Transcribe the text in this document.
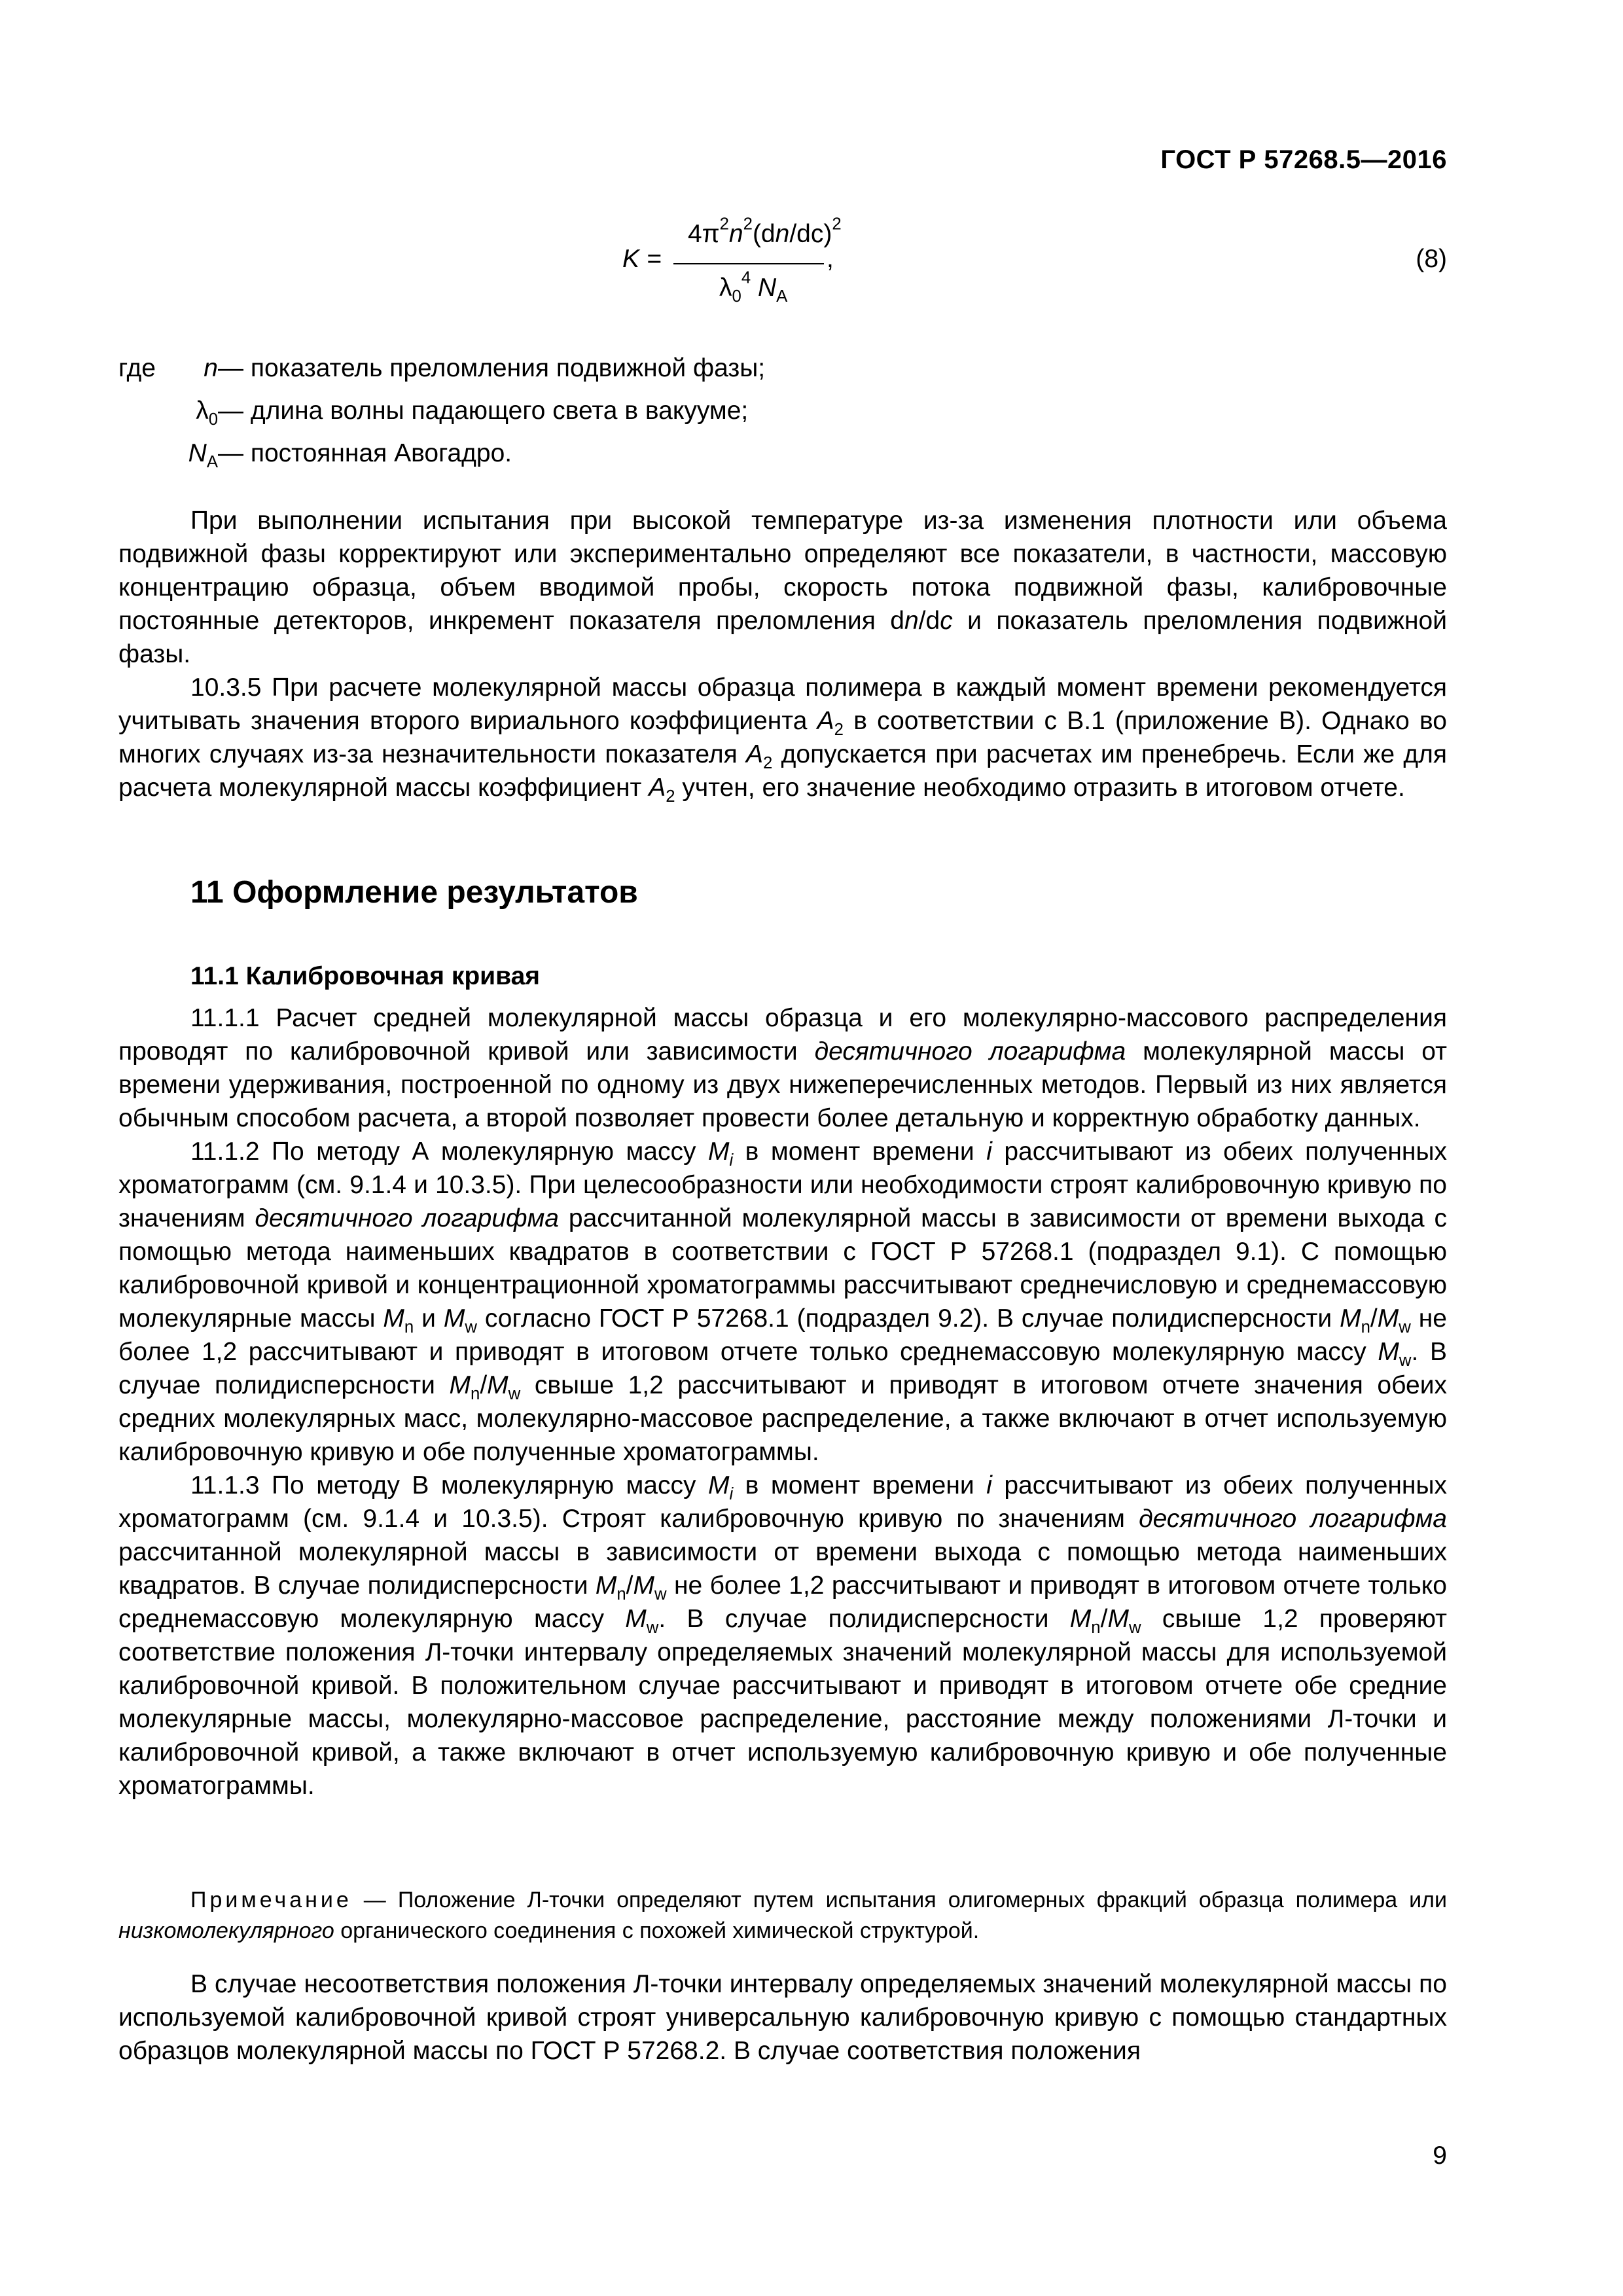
ГОСТ Р 57268.5—2016
K =
$4\pi^2n^2(dn/dc)^2$
$\lambda_0^4$ $N_A$
,	(8)
где n — показатель преломления подвижной фазы;
$\lambda_0$ — длина волны падающего света в вакууме;
$N_A$ — постоянная Авогадро.

При выполнении испытания при высокой температуре из-за изменения плотности или объема подвижной фазы корректируют или экспериментально определяют все показатели, в частности, массовую концентрацию образца, объем вводимой пробы, скорость потока подвижной фазы, калибровочные постоянные детекторов, инкремент показателя преломления dn/dc и показатель преломления подвижной фазы.

10.3.5 При расчете молекулярной массы образца полимера в каждый момент времени рекомендуется учитывать значения второго вириального коэффициента $A_2$ в соответствии с В.1 (приложение В). Однако во многих случаях из-за незначительности показателя $A_2$ допускается при расчетах им пренебречь. Если же для расчета молекулярной массы коэффициент $A_2$ учтен, его значение необходимо отразить в итоговом отчете.

11 Оформление результатов
11.1 Калибровочная кривая

11.1.1 Расчет средней молекулярной массы образца и его молекулярно-массового распределения проводят по калибровочной кривой или зависимости десятичного логарифма молекулярной массы от времени удерживания, построенной по одному из двух нижеперечисленных методов. Первый из них является обычным способом расчета, а второй позволяет провести более детальную и корректную обработку данных.

11.1.2 По методу А молекулярную массу $M_i$ в момент времени i рассчитывают из обеих полученных хроматограмм (см. 9.1.4 и 10.3.5). При целесообразности или необходимости строят калибровочную кривую по значениям десятичного логарифма рассчитанной молекулярной массы в зависимости от времени выхода с помощью метода наименьших квадратов в соответствии с ГОСТ Р 57268.1 (подраздел 9.1). С помощью калибровочной кривой и концентрационной хроматограммы рассчитывают среднечисловую и среднемассовую молекулярные массы $M_n$ и $M_w$ согласно ГОСТ Р 57268.1 (подраздел 9.2). В случае полидисперсности $M_n/M_w$ не более 1,2 рассчитывают и приводят в итоговом отчете только среднемассовую молекулярную массу $M_w$. В случае полидисперсности $M_n/M_w$ свыше 1,2 рассчитывают и приводят в итоговом отчете значения обеих средних молекулярных масс, молекулярно-массовое распределение, а также включают в отчет используемую калибровочную кривую и обе полученные хроматограммы.

11.1.3 По методу В молекулярную массу $M_i$ в момент времени i рассчитывают из обеих полученных хроматограмм (см. 9.1.4 и 10.3.5). Строят калибровочную кривую по значениям десятичного логарифма рассчитанной молекулярной массы в зависимости от времени выхода с помощью метода наименьших квадратов. В случае полидисперсности $M_n/M_w$ не более 1,2 рассчитывают и приводят в итоговом отчете только среднемассовую молекулярную массу $M_w$. В случае полидисперсности $M_n/M_w$ свыше 1,2 проверяют соответствие положения Л-точки интервалу определяемых значений молекулярной массы для используемой калибровочной кривой. В положительном случае рассчитывают и приводят в итоговом отчете обе средние молекулярные массы, молекулярно-массовое распределение, расстояние между положениями Л-точки и калибровочной кривой, а также включают в отчет используемую калибровочную кривую и обе полученные хроматограммы.

Примечание — Положение Л-точки определяют путем испытания олигомерных фракций образца полимера или низкомолекулярного органического соединения с похожей химической структурой.

В случае несоответствия положения Л-точки интервалу определяемых значений молекулярной массы по используемой калибровочной кривой строят универсальную калибровочную кривую с помощью стандартных образцов молекулярной массы по ГОСТ Р 57268.2. В случае соответствия положения

9
